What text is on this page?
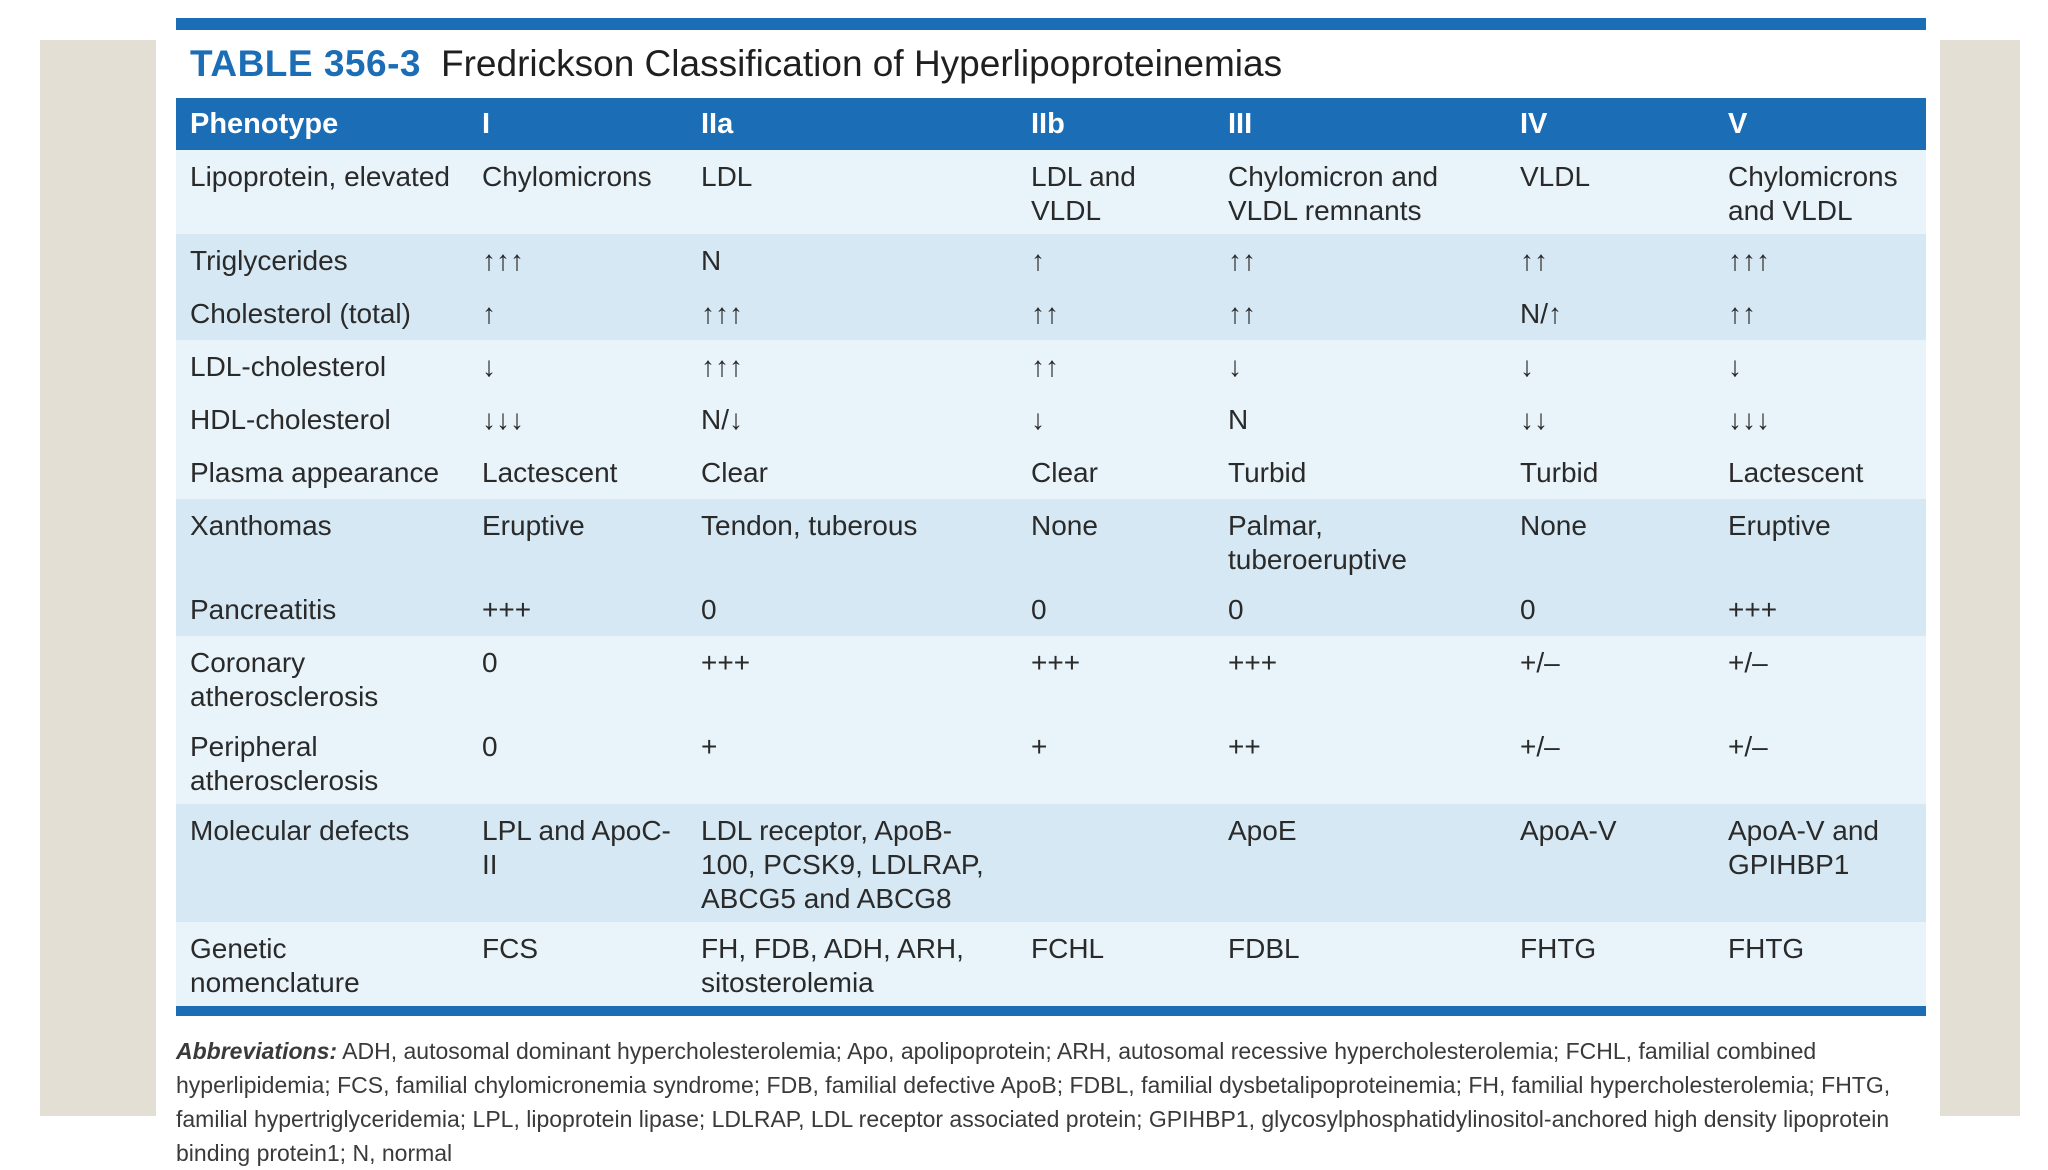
TABLE 356-3 Fredrickson Classification of Hyperlipoproteinemias
Phenotype	I	IIa	IIb	III	IV	V
Lipoprotein, elevated	Chylomicrons	LDL	LDL and VLDL	Chylomicron and VLDL remnants	VLDL	Chylomicrons and VLDL
Triglycerides	↑↑↑	N	↑	↑↑	↑↑	↑↑↑
Cholesterol (total)	↑	↑↑↑	↑↑	↑↑	N/↑	↑↑
LDL-cholesterol	↓	↑↑↑	↑↑	↓	↓	↓
HDL-cholesterol	↓↓↓	N/↓	↓	N	↓↓	↓↓↓
Plasma appearance	Lactescent	Clear	Clear	Turbid	Turbid	Lactescent
Xanthomas	Eruptive	Tendon, tuberous	None	Palmar, tuberoeruptive	None	Eruptive
Pancreatitis	+++	0	0	0	0	+++
Coronary atherosclerosis	0	+++	+++	+++	+/–	+/–
Peripheral atherosclerosis	0	+	+	++	+/–	+/–
Molecular defects	LPL and ApoC-II	LDL receptor, ApoB-100, PCSK9, LDLRAP, ABCG5 and ABCG8		ApoE	ApoA-V	ApoA-V and GPIHBP1
Genetic nomenclature	FCS	FH, FDB, ADH, ARH, sitosterolemia	FCHL	FDBL	FHTG	FHTG
Abbreviations: ADH, autosomal dominant hypercholesterolemia; Apo, apolipoprotein; ARH, autosomal recessive hypercholesterolemia; FCHL, familial combined hyperlipidemia; FCS, familial chylomicronemia syndrome; FDB, familial defective ApoB; FDBL, familial dysbetalipoproteinemia; FH, familial hypercholesterolemia; FHTG, familial hypertriglyceridemia; LPL, lipoprotein lipase; LDLRAP, LDL receptor associated protein; GPIHBP1, glycosylphosphatidylinositol-anchored high density lipoprotein binding protein1; N, normal
